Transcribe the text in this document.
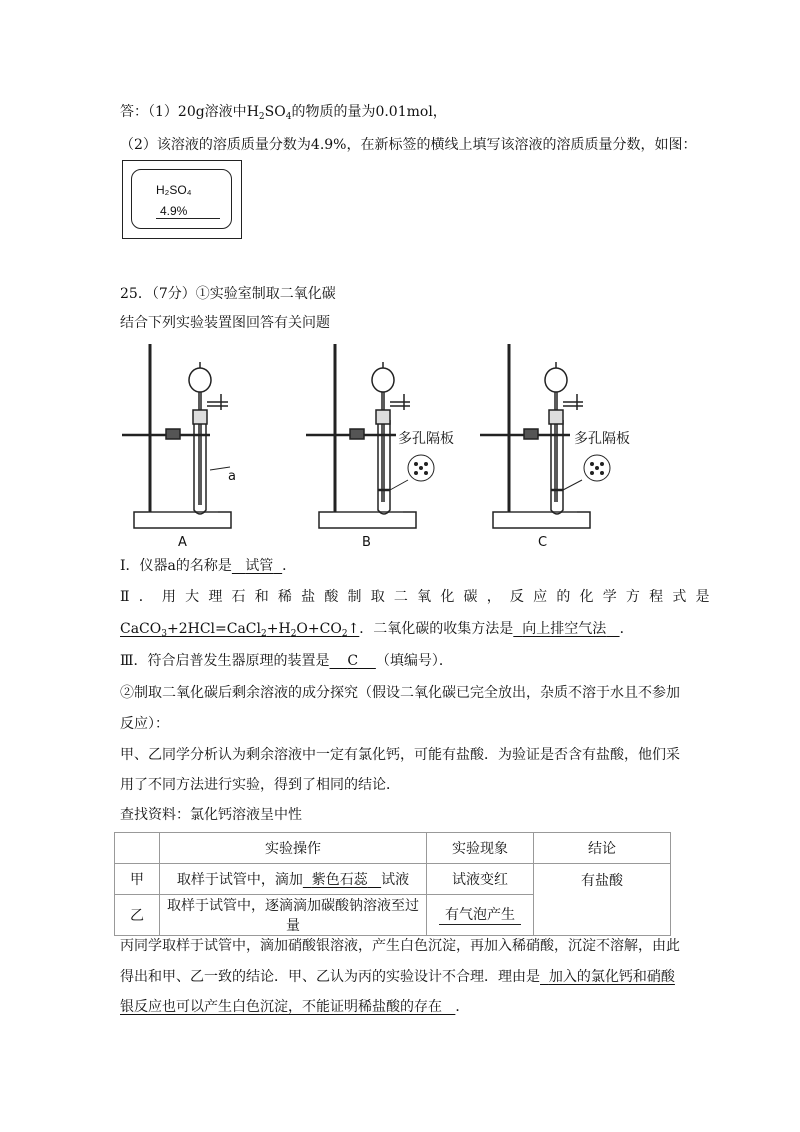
答：（1）20g溶液中$H_2SO_4$的物质的量为0.01mol，
（2）该溶液的溶质质量分数为4.9%，在新标签的横线上填写该溶液的溶质质量分数，如图：
H₂SO₄
4.9%
25．（7分）①实验室制取二氧化碳
结合下列实验装置图回答有关问题
a
多孔隔板	多孔隔板
A	B	C
Ⅰ．仪器a的名称是 试管 ．
Ⅱ．用大理石和稀盐酸制取二氧化碳，反应的化学方程式是
$CaCO_3+2HCl=CaCl_2+H_2O+CO_2↑$．二氧化碳的收集方法是 向上排空气法 ．
Ⅲ．符合启普发生器原理的装置是 C （填编号）．
②制取二氧化碳后剩余溶液的成分探究（假设二氧化碳已完全放出，杂质不溶于水且不参加
反应）：
甲、乙同学分析认为剩余溶液中一定有氯化钙，可能有盐酸．为验证是否含有盐酸，他们采
用了不同方法进行实验，得到了相同的结论．
查找资料：氯化钙溶液呈中性
	实验操作	实验现象	结论
甲	取样于试管中，滴加 紫色石蕊 试液	试液变红	有盐酸
乙	取样于试管中，逐滴滴加碳酸钠溶液至过量	有气泡产生	
丙同学取样于试管中，滴加硝酸银溶液，产生白色沉淀，再加入稀硝酸，沉淀不溶解，由此
得出和甲、乙一致的结论．甲、乙认为丙的实验设计不合理．理由是 加入的氯化钙和硝酸
银反应也可以产生白色沉淀，不能证明稀盐酸的存在 ．
